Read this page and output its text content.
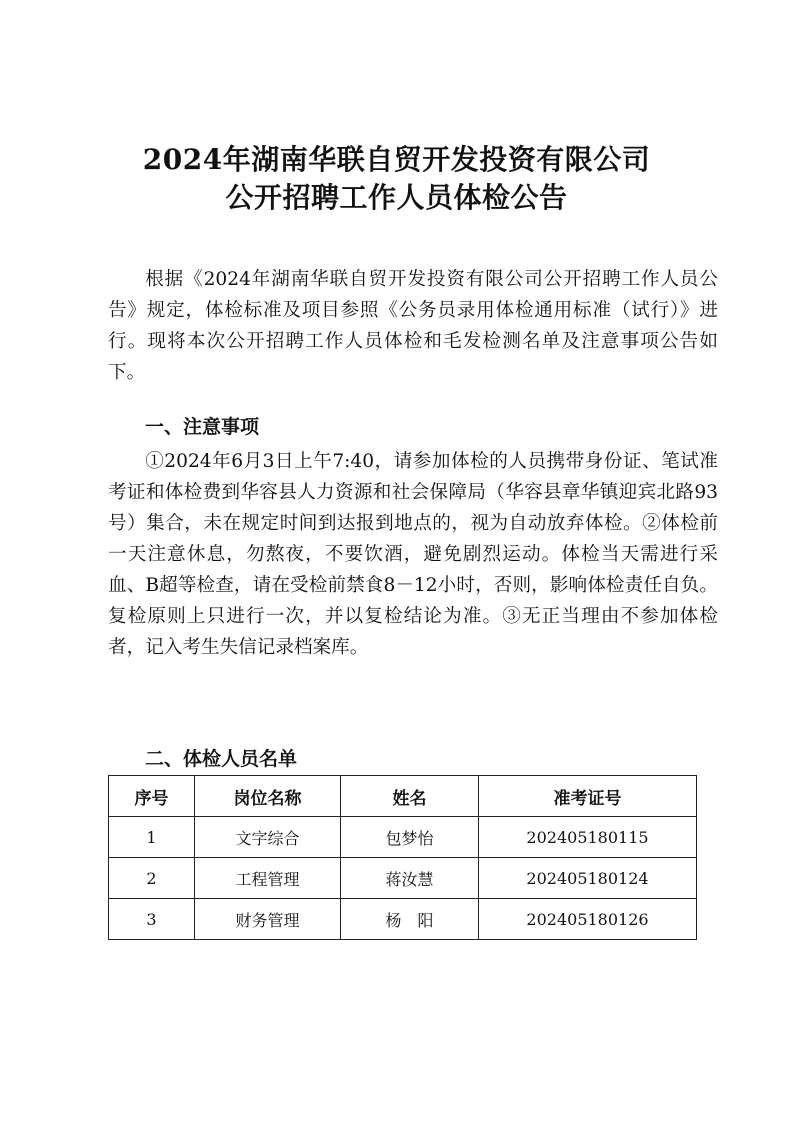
2024年湖南华联自贸开发投资有限公司
公开招聘工作人员体检公告

根据《2024年湖南华联自贸开发投资有限公司公开招聘工作人员公告》规定，体检标准及项目参照《公务员录用体检通用标准（试行）》进行。现将本次公开招聘工作人员体检和毛发检测名单及注意事项公告如下。

一、注意事项

①2024年6月3日上午7:40，请参加体检的人员携带身份证、笔试准考证和体检费到华容县人力资源和社会保障局（华容县章华镇迎宾北路93号）集合，未在规定时间到达报到地点的，视为自动放弃体检。②体检前一天注意休息，勿熬夜，不要饮酒，避免剧烈运动。体检当天需进行采血、B超等检查，请在受检前禁食8－12小时，否则，影响体检责任自负。复检原则上只进行一次，并以复检结论为准。③无正当理由不参加体检者，记入考生失信记录档案库。

二、体检人员名单

序号	岗位名称	姓名	准考证号
1	文字综合	包梦怡	202405180115
2	工程管理	蒋汝慧	202405180124
3	财务管理	杨　阳	202405180126
